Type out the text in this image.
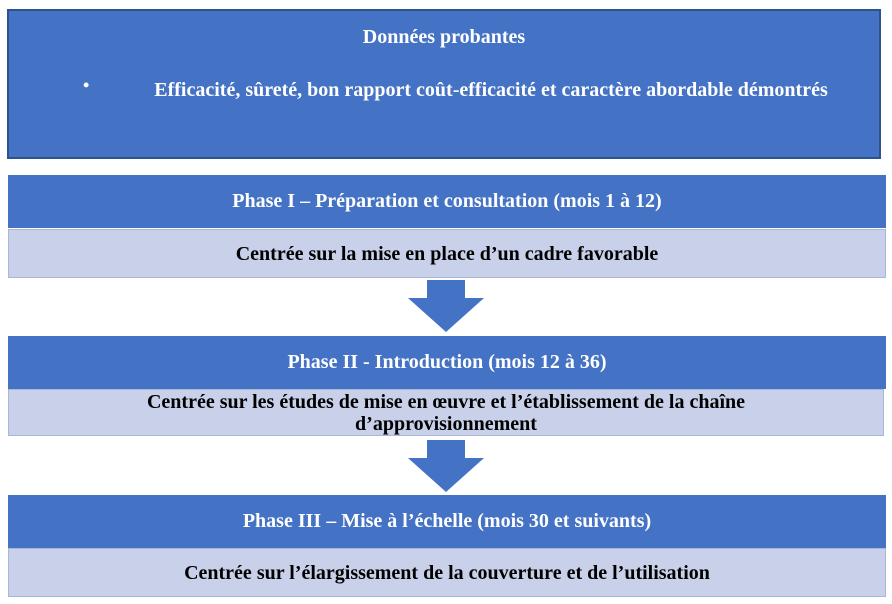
Données probantes
•	Efficacité, sûreté, bon rapport coût-efficacité et caractère abordable démontrés
Phase I – Préparation et consultation (mois 1 à 12)
Centrée sur la mise en place d’un cadre favorable
Phase II - Introduction (mois 12 à 36)
Centrée sur les études de mise en œuvre et l’établissement de la chaîne d’approvisionnement
Phase III – Mise à l’échelle (mois 30 et suivants)
Centrée sur l’élargissement de la couverture et de l’utilisation
